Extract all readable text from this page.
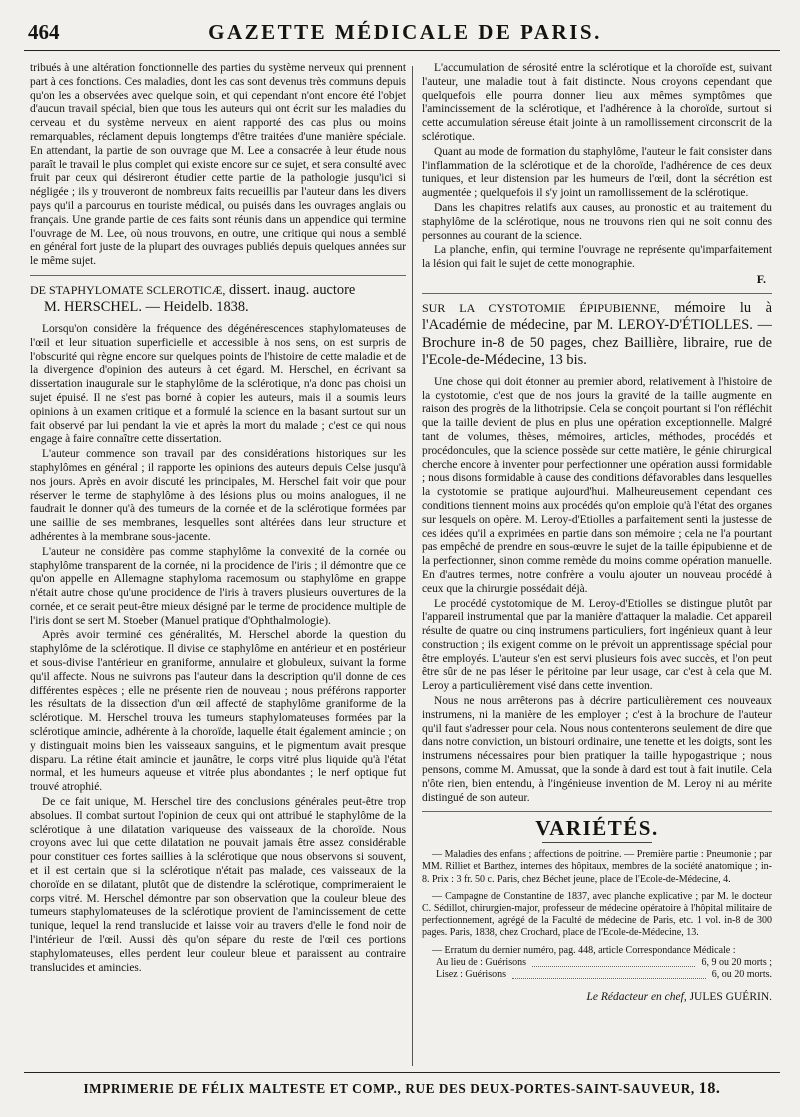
464	GAZETTE MÉDICALE DE PARIS.

tribués à une altération fonctionnelle des parties du système nerveux qui prennent part à ces fonctions. Ces maladies, dont les cas sont devenus très communs depuis qu'on les a observées avec quelque soin, et qui cependant n'ont encore été l'objet d'aucun travail spécial, bien que tous les auteurs qui ont écrit sur les maladies du cerveau et du système nerveux en aient rapporté des cas plus ou moins remarquables, réclament depuis longtemps d'être traitées d'une manière spéciale. En attendant, la partie de son ouvrage que M. Lee a consacrée à leur étude nous paraît le travail le plus complet qui existe encore sur ce sujet, et sera consulté avec fruit par ceux qui désireront étudier cette partie de la pathologie jusqu'ici si négligée ; ils y trouveront de nombreux faits recueillis par l'auteur dans les divers pays qu'il a parcourus en touriste médical, ou puisés dans les ouvrages anglais ou français. Une grande partie de ces faits sont réunis dans un appendice qui termine l'ouvrage de M. Lee, où nous trouvons, en outre, une critique qui nous a semblé en général fort juste de la plupart des ouvrages publiés depuis quelques années sur le même sujet.

DE STAPHYLOMATE SCLEROTICÆ, dissert. inaug. auctore
M. HERSCHEL. — Heidelb. 1838.

Lorsqu'on considère la fréquence des dégénérescences staphylomateuses de l'œil et leur situation superficielle et accessible à nos sens, on est surpris de l'obscurité qui règne encore sur quelques points de l'histoire de cette maladie et de la divergence d'opinion des auteurs à cet égard. M. Herschel, en écrivant sa dissertation inaugurale sur le staphylôme de la sclérotique, n'a donc pas choisi un sujet épuisé. Il ne s'est pas borné à copier les auteurs, mais il a soumis leurs opinions à un examen critique et a formulé la science en la basant surtout sur un fait observé par lui pendant la vie et après la mort du malade ; c'est ce qui nous engage à faire connaître cette dissertation.

L'auteur commence son travail par des considérations historiques sur les staphylômes en général ; il rapporte les opinions des auteurs depuis Celse jusqu'à nos jours. Après en avoir discuté les principales, M. Herschel fait voir que pour réserver le terme de staphylôme à des lésions plus ou moins analogues, il ne faudrait le donner qu'à des tumeurs de la cornée et de la sclérotique formées par une saillie de ses membranes, lesquelles sont altérées dans leur structure et adhérentes à la membrane sous-jacente.

L'auteur ne considère pas comme staphylôme la convexité de la cornée ou staphylôme transparent de la cornée, ni la procidence de l'iris ; il démontre que ce qu'on appelle en Allemagne staphyloma racemosum ou staphylôme en grappe n'était autre chose qu'une procidence de l'iris à travers plusieurs ouvertures de la cornée, et ce serait peut-être mieux désigné par le terme de procidence multiple de l'iris dont se sert M. Stoeber (Manuel pratique d'Ophthalmologie).

Après avoir terminé ces généralités, M. Herschel aborde la question du staphylôme de la sclérotique. Il divise ce staphylôme en antérieur et en postérieur et sous-divise l'antérieur en graniforme, annulaire et globuleux, suivant la forme qu'il affecte. Nous ne suivrons pas l'auteur dans la description qu'il donne de ces différentes espèces ; elle ne présente rien de nouveau ; nous préférons rapporter les résultats de la dissection d'un œil affecté de staphylôme graniforme de la sclérotique. M. Herschel trouva les tumeurs staphylomateuses formées par la sclérotique amincie, adhérente à la choroïde, laquelle était également amincie ; on y distinguait moins bien les vaisseaux sanguins, et le pigmentum avait presque disparu. La rétine était amincie et jaunâtre, le corps vitré plus liquide qu'à l'état normal, et les humeurs aqueuse et vitrée plus abondantes ; le nerf optique fut trouvé atrophié.

De ce fait unique, M. Herschel tire des conclusions générales peut-être trop absolues. Il combat surtout l'opinion de ceux qui ont attribué le staphylôme de la sclérotique à une dilatation variqueuse des vaisseaux de la choroïde. Nous croyons avec lui que cette dilatation ne pouvait jamais être assez considérable pour constituer ces fortes saillies à la sclérotique que nous observons si souvent, et il est certain que si la sclérotique n'était pas malade, ces vaisseaux de la choroïde en se dilatant, plutôt que de distendre la sclérotique, comprimeraient le corps vitré. M. Herschel démontre par son observation que la couleur bleue des tumeurs staphylomateuses de la sclérotique provient de l'amincissement de cette tunique, lequel la rend translucide et laisse voir au travers d'elle le fond noir de l'intérieur de l'œil. Aussi dès qu'on sépare du reste de l'œil ces portions staphylomateuses, elles perdent leur couleur bleue et paraissent au contraire translucides et amincies.

L'accumulation de sérosité entre la sclérotique et la choroïde est, suivant l'auteur, une maladie tout à fait distincte. Nous croyons cependant que quelquefois elle pourra donner lieu aux mêmes symptômes que l'amincissement de la sclérotique, et l'adhérence à la choroïde, surtout si cette accumulation séreuse était jointe à un ramollissement circonscrit de la sclérotique.

Quant au mode de formation du staphylôme, l'auteur le fait consister dans l'inflammation de la sclérotique et de la choroïde, l'adhérence de ces deux tuniques, et leur distension par les humeurs de l'œil, dont la sécrétion est augmentée ; quelquefois il s'y joint un ramollissement de la sclérotique.

Dans les chapitres relatifs aux causes, au pronostic et au traitement du staphylôme de la sclérotique, nous ne trouvons rien qui ne soit connu des personnes au courant de la science.

La planche, enfin, qui termine l'ouvrage ne représente qu'imparfaitement la lésion qui fait le sujet de cette monographie.

F.
SUR LA CYSTOTOMIE ÉPIPUBIENNE, mémoire lu à l'Académie de médecine, par M. LEROY-D'ÉTIOLLES. — Brochure in-8 de 50 pages, chez Baillière, libraire, rue de l'Ecole-de-Médecine, 13 bis.

Une chose qui doit étonner au premier abord, relativement à l'histoire de la cystotomie, c'est que de nos jours la gravité de la taille augmente en raison des progrès de la lithotripsie. Cela se conçoit pourtant si l'on réfléchit que la taille devient de plus en plus une opération exceptionnelle. Malgré tant de volumes, thèses, mémoires, articles, méthodes, procédés et procédoncules, que la science possède sur cette matière, le génie chirurgical cherche encore à inventer pour perfectionner une opération aussi formidable ; nous disons formidable à cause des conditions défavorables dans lesquelles la cystotomie se pratique aujourd'hui. Malheureusement cependant ces conditions tiennent moins aux procédés qu'on emploie qu'à l'état des organes sur lesquels on opère. M. Leroy-d'Etiolles a parfaitement senti la justesse de ces idées qu'il a exprimées en partie dans son mémoire ; cela ne l'a pourtant pas empêché de prendre en sous-œuvre le sujet de la taille épipubienne et de la perfectionner, sinon comme remède du moins comme opération manuelle. En d'autres termes, notre confrère a voulu ajouter un nouveau procédé à ceux que la chirurgie possédait déjà.

Le procédé cystotomique de M. Leroy-d'Etiolles se distingue plutôt par l'appareil instrumental que par la manière d'attaquer la maladie. Cet appareil résulte de quatre ou cinq instrumens particuliers, fort ingénieux quant à leur construction ; ils exigent comme on le prévoit un apprentissage spécial pour être employés. L'auteur s'en est servi plusieurs fois avec succès, et l'on peut être sûr de ne pas léser le péritoine par leur usage, car c'est à cela que M. Leroy a particulièrement visé dans cette invention.

Nous ne nous arrêterons pas à décrire particulièrement ces nouveaux instrumens, ni la manière de les employer ; c'est à la brochure de l'auteur qu'il faut s'adresser pour cela. Nous nous contenterons seulement de dire que dans notre conviction, un bistouri ordinaire, une tenette et les doigts, sont les instrumens nécessaires pour bien pratiquer la taille hypogastrique ; nous pensons, comme M. Amussat, que la sonde à dard est tout à fait inutile. Cela n'ôte rien, bien entendu, à l'ingénieuse invention de M. Leroy ni au mérite distingué de son auteur.

VARIÉTÉS.

— Maladies des enfans ; affections de poitrine. — Première partie : Pneumonie ; par MM. Rilliet et Barthez, internes des hôpitaux, membres de la société anatomique ; in-8. Prix : 3 fr. 50 c. Paris, chez Béchet jeune, place de l'Ecole-de-Médecine, 4.

— Campagne de Constantine de 1837, avec planche explicative ; par M. le docteur C. Sédillot, chirurgien-major, professeur de médecine opératoire à l'hôpital militaire de perfectionnement, agrégé de la Faculté de médecine de Paris, etc. 1 vol. in-8 de 300 pages. Paris, 1838, chez Crochard, place de l'Ecole-de-Médecine, 13.

— Erratum du dernier numéro, pag. 448, article Correspondance Médicale :
Au lieu de : Guérisons	6, 9 ou 20 morts ;
Lisez : Guérisons	6, ou 20 morts.
Le Rédacteur en chef, JULES GUÉRIN.
IMPRIMERIE DE FÉLIX MALTESTE ET COMP., RUE DES DEUX-PORTES-SAINT-SAUVEUR, 18.
